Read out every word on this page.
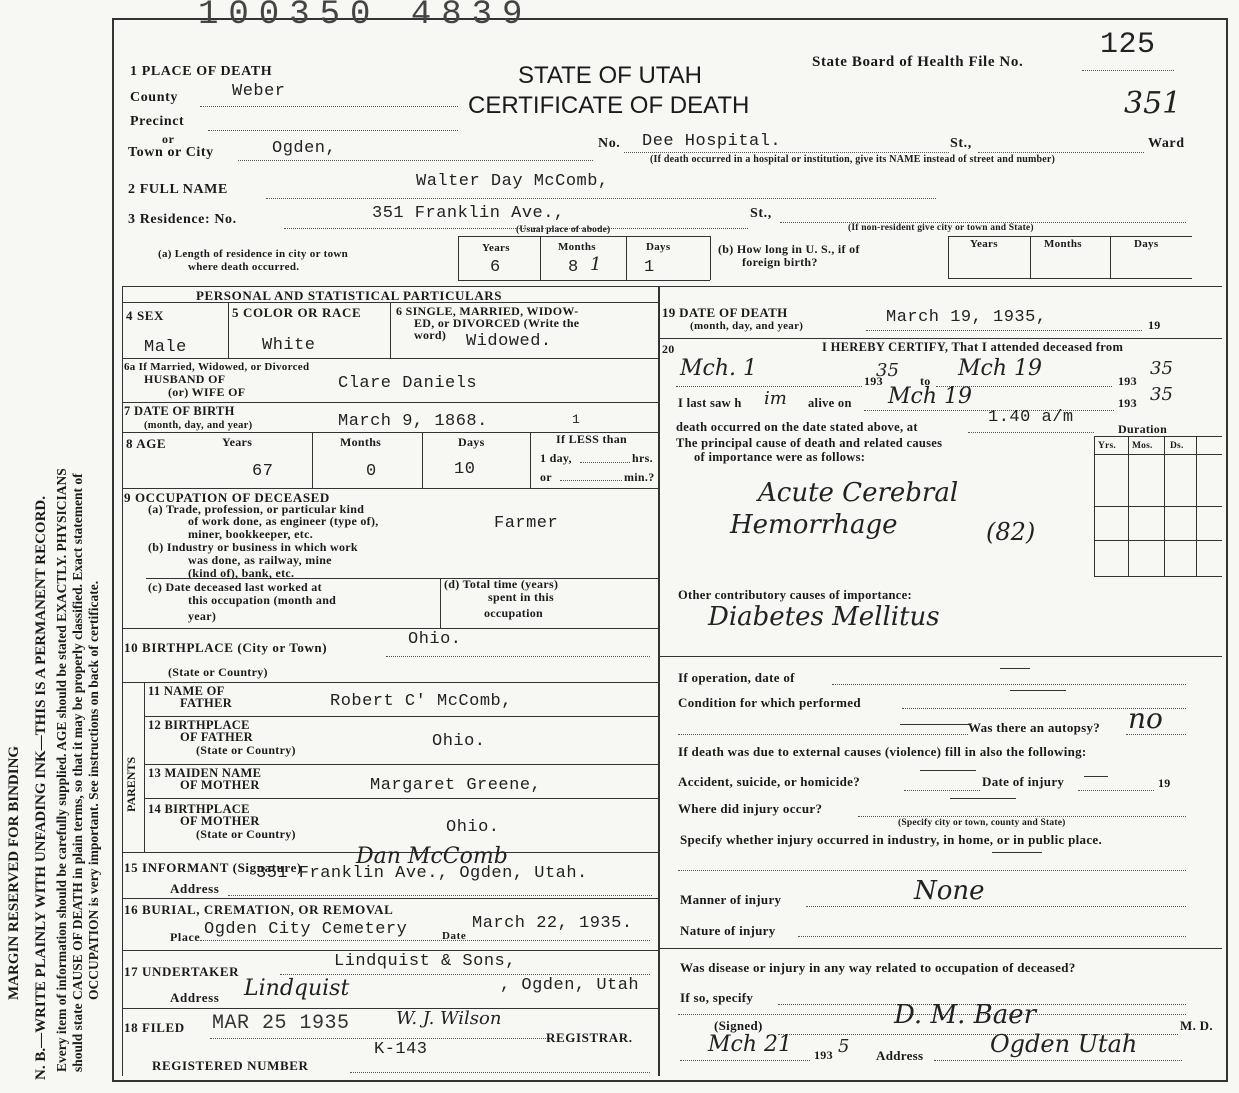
MARGIN RESERVED FOR BINDING N. B.—WRITE PLAINLY WITH UNFADING INK—THIS IS A PERMANENT RECORD. Every item of information should be carefully supplied. AGE should be stated EXACTLY. PHYSICIANS should state CAUSE OF DEATH in plain terms, so that it may be properly classified. Exact statement of OCCUPATION is very important. See instructions on back of certificate.
100350 4839
STATE OF UTAH
CERTIFICATE OF DEATH
State Board of Health File No.	125
351
1 PLACE OF DEATH
County	Weber
Precinct
or
Town or City	Ogden,	No. Dee Hospital.	St.,	Ward
(If death occurred in a hospital or institution, give its NAME instead of street and number)
2 FULL NAME	Walter Day McComb,
3 Residence: No.	351 Franklin Ave.,	St.,
(Usual place of abode)	(If non-resident give city or town and State)
(a) Length of residence in city or town
where death occurred.
Years	Months	Days
6	8 1	1
(b) How long in U. S., if of
foreign birth?
Years	Months	Days
PERSONAL AND STATISTICAL PARTICULARS
4 SEX
Male
5 COLOR OR RACE
White
6 SINGLE, MARRIED, WIDOW-
ED, or DIVORCED (Write the
word) Widowed.
6a If Married, Widowed, or Divorced
HUSBAND OF
(or) WIFE OF	Clare Daniels
7 DATE OF BIRTH
(month, day, and year)	March 9, 1868.	1
8 AGE	Years	Months	Days
67	0	10
If LESS than
1 day,	hrs.
or	min.?
9 OCCUPATION OF DECEASED
(a) Trade, profession, or particular kind
of work done, as engineer (type of),
miner, bookkeeper, etc.
Farmer
(b) Industry or business in which work
was done, as railway, mine
(kind of), bank, etc.
(c) Date deceased last worked at
this occupation (month and
year)
(d) Total time (years)
spent in this
occupation
10 BIRTHPLACE (City or Town)	Ohio.
(State or Country)
PARENTS
11 NAME OF
FATHER	Robert C' McComb,
12 BIRTHPLACE
OF FATHER
(State or Country)	Ohio.
13 MAIDEN NAME
OF MOTHER	Margaret Greene,
14 BIRTHPLACE
OF MOTHER
(State or Country)	Ohio.
15 INFORMANT (Signature) Dan McComb
Address
351 Franklin Ave., Ogden, Utah.
16 BURIAL, CREMATION, OR REMOVAL
Place Ogden City Cemetery	Date
March 22, 1935.
17 UNDERTAKER
Lindquist & Sons,
Address Lindquist	, Ogden, Utah
18 FILED MAR 25 1935	W. J. Wilson
REGISTRAR.
K-143
REGISTERED NUMBER
19 DATE OF DEATH
(month, day, and year)	March 19, 1935,	19
20	I HEREBY CERTIFY, That I attended deceased from
Mch. 1	193
35 to Mch 19	193
35
I last saw h im alive on Mch 19	193 35
death occurred on the date stated above, at	1.40 a/m
The principal cause of death and related causes
of importance were as follows:
Duration
Yrs. Mos. Ds.
Acute Cerebral
Hemorrhage	(82)
Other contributory causes of importance:
Diabetes Mellitus
If operation, date of
Condition for which performed
Was there an autopsy? no
If death was due to external causes (violence) fill in also the following:
Accident, suicide, or homicide?	Date of injury	19
Where did injury occur?
(Specify city or town, county and State)
Specify whether injury occurred in industry, in home, or in public place.
Manner of injury	None
Nature of injury
Was disease or injury in any way related to occupation of deceased?
If so, specify
(Signed)	D. M. Baer	M. D.
Mch 21 193 5 Address	Ogden Utah
